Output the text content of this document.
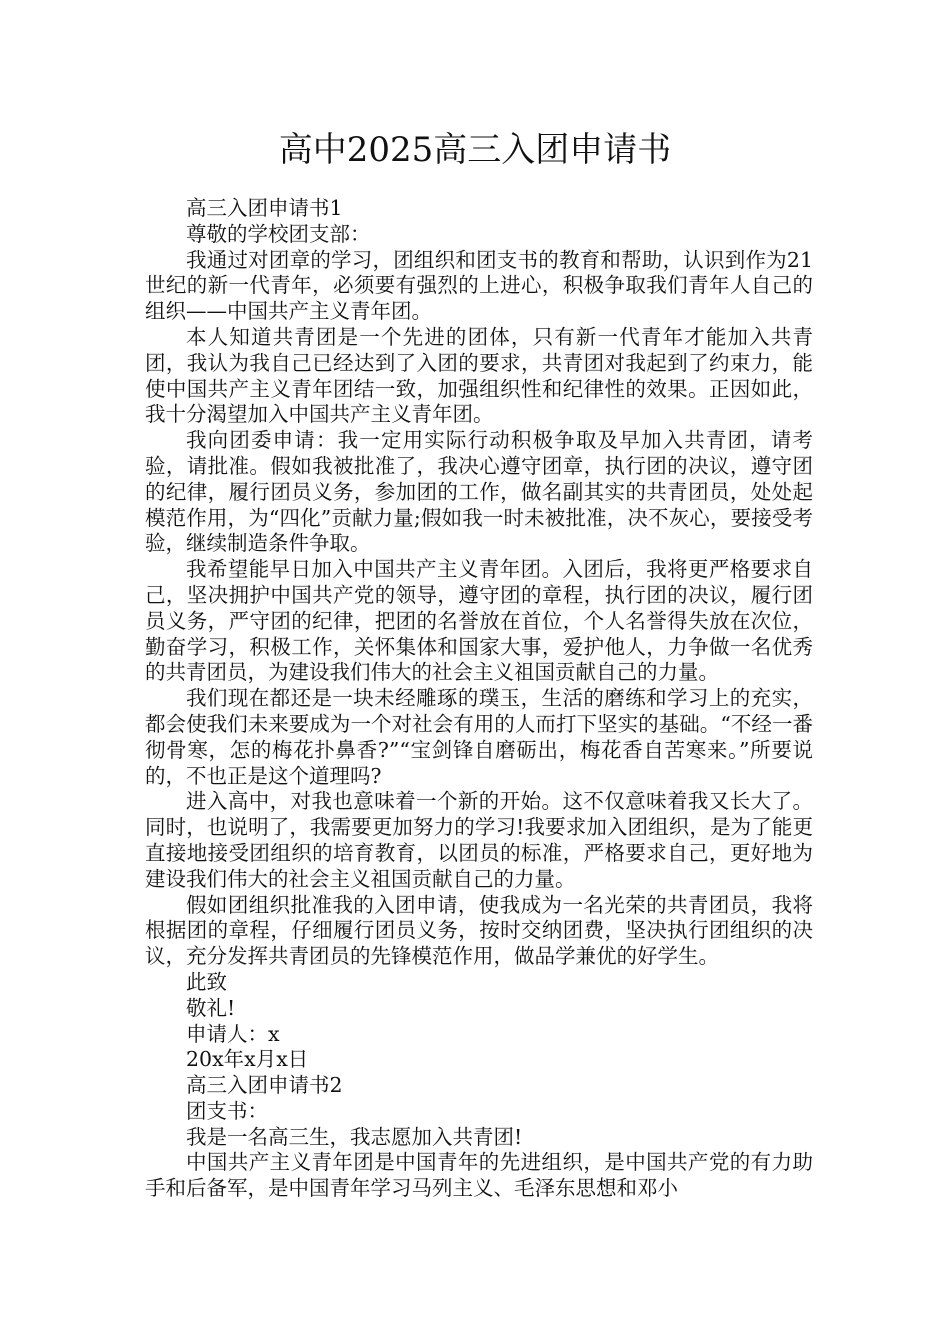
高中2025高三入团申请书

高三入团申请书1

尊敬的学校团支部：

我通过对团章的学习，团组织和团支书的教育和帮助，认识到作为21世纪的新一代青年，必须要有强烈的上进心，积极争取我们青年人自己的组织——中国共产主义青年团。

本人知道共青团是一个先进的团体，只有新一代青年才能加入共青团，我认为我自己已经达到了入团的要求，共青团对我起到了约束力，能使中国共产主义青年团结一致，加强组织性和纪律性的效果。正因如此，我十分渴望加入中国共产主义青年团。

我向团委申请：我一定用实际行动积极争取及早加入共青团，请考验，请批准。假如我被批准了，我决心遵守团章，执行团的决议，遵守团的纪律，履行团员义务，参加团的工作，做名副其实的共青团员，处处起模范作用，为“四化”贡献力量;假如我一时未被批准，决不灰心，要接受考验，继续制造条件争取。

我希望能早日加入中国共产主义青年团。入团后，我将更严格要求自己，坚决拥护中国共产党的领导，遵守团的章程，执行团的决议，履行团员义务，严守团的纪律，把团的名誉放在首位，个人名誉得失放在次位，勤奋学习，积极工作，关怀集体和国家大事，爱护他人，力争做一名优秀的共青团员，为建设我们伟大的社会主义祖国贡献自己的力量。

我们现在都还是一块未经雕琢的璞玉，生活的磨练和学习上的充实，都会使我们未来要成为一个对社会有用的人而打下坚实的基础。“不经一番彻骨寒，怎的梅花扑鼻香?”“宝剑锋自磨砺出，梅花香自苦寒来。”所要说的，不也正是这个道理吗?

进入高中，对我也意味着一个新的开始。这不仅意味着我又长大了。同时，也说明了，我需要更加努力的学习!我要求加入团组织，是为了能更直接地接受团组织的培育教育，以团员的标准，严格要求自己，更好地为建设我们伟大的社会主义祖国贡献自己的力量。

假如团组织批准我的入团申请，使我成为一名光荣的共青团员，我将根据团的章程，仔细履行团员义务，按时交纳团费，坚决执行团组织的决议，充分发挥共青团员的先锋模范作用，做品学兼优的好学生。

此致

敬礼!

申请人：x

20x年x月x日

高三入团申请书2

团支书：

我是一名高三生，我志愿加入共青团!

中国共产主义青年团是中国青年的先进组织，是中国共产党的有力助手和后备军，是中国青年学习马列主义、毛泽东思想和邓小
